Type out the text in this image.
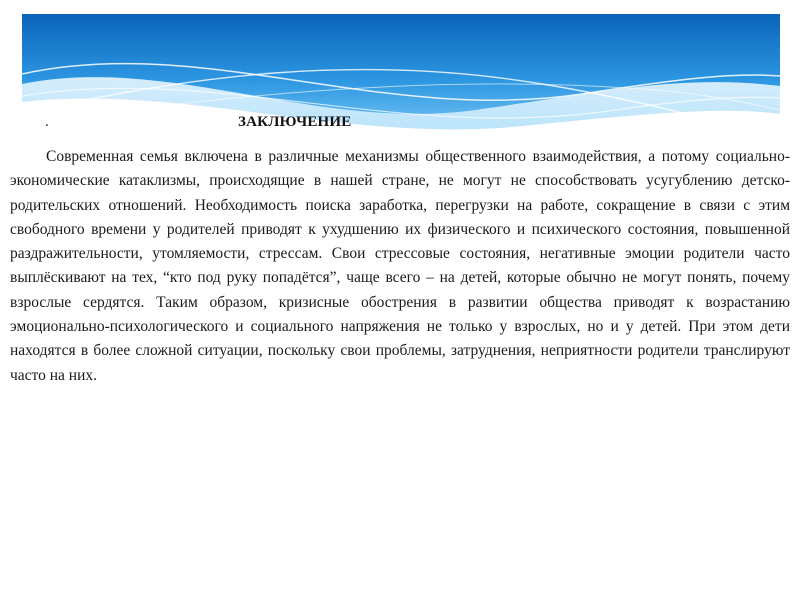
.	ЗАКЛЮЧЕНИЕ

Современная семья включена в различные механизмы общественного взаимодействия, а потому социально-экономические катаклизмы, происходящие в нашей стране, не могут не способствовать усугублению детско-родительских отношений. Необходимость поиска заработка, перегрузки на работе, сокращение в связи с этим свободного времени у родителей приводят к ухудшению их физического и психического состояния, повышенной раздражительности, утомляемости, стрессам. Свои стрессовые состояния, негативные эмоции родители часто выплёскивают на тех, “кто под руку попадётся”, чаще всего – на детей, которые обычно не могут понять, почему взрослые сердятся. Таким образом, кризисные обострения в развитии общества приводят к возрастанию эмоционально-психологического и социального напряжения не только у взрослых, но и у детей. При этом дети находятся в более сложной ситуации, поскольку свои проблемы, затруднения, неприятности родители транслируют часто на них.
